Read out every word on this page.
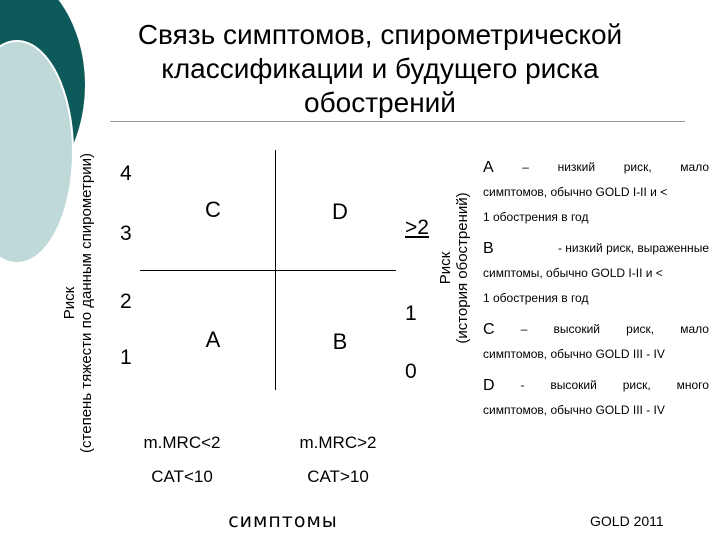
Связь симптомов, спирометрической классификации и будущего риска обострений
Риск (степень тяжести по данным спирометрии)	Риск (история обострений)
4
3
2
1
>2
1
0
C	D
A	B
m.MRC<2	m.MRC>2
CAT<10	CAT>10
симптомы
А – низкий риск, мало
симптомов, обычно GOLD I-II и <
1 обострения в год
В	- низкий риск, выраженные
симптомы, обычно GOLD I-II и <
1 обострения в год
С – высокий риск, мало
симптомов, обычно GOLD III - IV
D - высокий риск, много
симптомов, обычно GOLD III - IV
GOLD 2011
